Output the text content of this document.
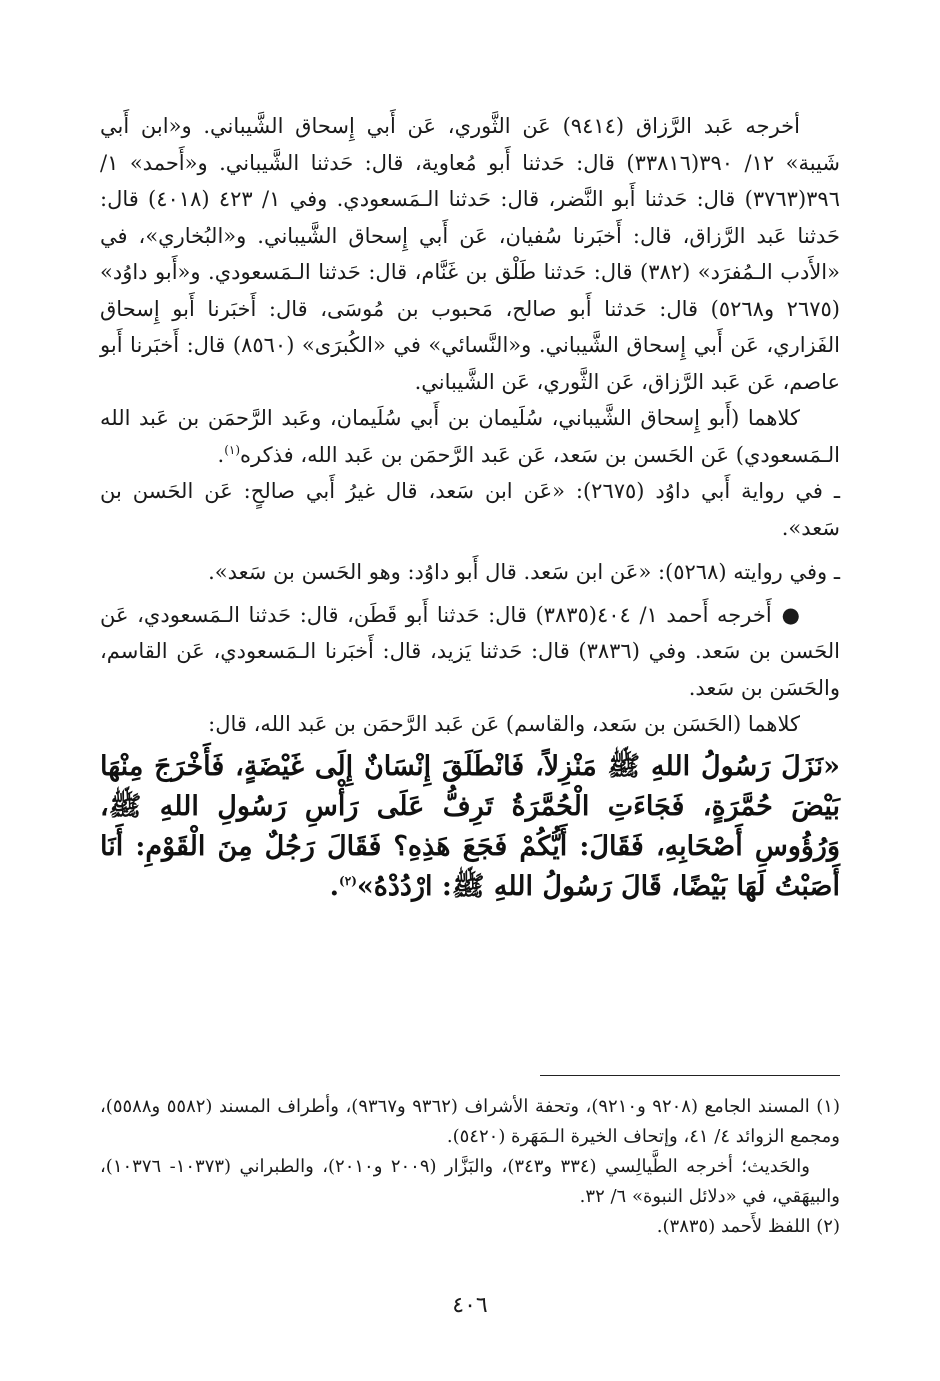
أخرجه عَبد الرَّزاق (٩٤١٤) عَن الثَّوري، عَن أَبي إِسحاق الشَّيباني. و«ابن أَبي شَيبة» ١٢/ ٣٩٠(٣٣٨١٦) قال: حَدثنا أَبو مُعاوية، قال: حَدثنا الشَّيباني. و«أَحمد» ١/ ٣٩٦(٣٧٦٣) قال: حَدثنا أَبو النَّضر، قال: حَدثنا الـمَسعودي. وفي ١/ ٤٢٣ (٤٠١٨) قال: حَدثنا عَبد الرَّزاق، قال: أَخبَرنا سُفيان، عَن أَبي إِسحاق الشَّيباني. و«البُخاري»، في «الأَدب الـمُفرَد» (٣٨٢) قال: حَدثنا طَلْق بن غَنَّام، قال: حَدثنا الـمَسعودي. و«أَبو داوُد» (٢٦٧٥ و٥٢٦٨) قال: حَدثنا أَبو صالح، مَحبوب بن مُوسَى، قال: أَخبَرنا أَبو إِسحاق الفَزاري، عَن أَبي إِسحاق الشَّيباني. و«النَّسائي» في «الكُبرَى» (٨٥٦٠) قال: أَخبَرنا أَبو عاصم، عَن عَبد الرَّزاق، عَن الثَّوري، عَن الشَّيباني.

كلاهما (أَبو إِسحاق الشَّيباني، سُلَيمان بن أَبي سُلَيمان، وعَبد الرَّحمَن بن عَبد الله الـمَسعودي) عَن الحَسن بن سَعد، عَن عَبد الرَّحمَن بن عَبد الله، فذكره$^{(١)}$.

ـ في رواية أَبي داوُد (٢٦٧٥): «عَن ابن سَعد، قال غيرُ أَبي صالحٍ: عَن الحَسن بن سَعد».

ـ وفي روايته (٥٢٦٨): «عَن ابن سَعد. قال أَبو داوُد: وهو الحَسن بن سَعد».

●أَخرجه أَحمد ١/ ٤٠٤(٣٨٣٥) قال: حَدثنا أَبو قَطَن، قال: حَدثنا الـمَسعودي، عَن الحَسن بن سَعد. وفي (٣٨٣٦) قال: حَدثنا يَزيد، قال: أَخبَرنا الـمَسعودي، عَن القاسم، والحَسَن بن سَعد.

كلاهما (الحَسَن بن سَعد، والقاسم) عَن عَبد الرَّحمَن بن عَبد الله، قال:

«نَزَلَ رَسُولُ اللهِ ﷺ مَنْزِلاً، فَانْطَلَقَ إِنْسَانٌ إِلَى غَيْضَةٍ، فَأَخْرَجَ مِنْهَا بَيْضَ حُمَّرَةٍ، فَجَاءَتِ الْحُمَّرَةُ تَرِفُّ عَلَى رَأْسِ رَسُولِ اللهِ ﷺ، وَرُؤُوسِ أَصْحَابِهِ، فَقَالَ: أَيُّكُمْ فَجَعَ هَذِهِ؟ فَقَالَ رَجُلٌ مِنَ الْقَوْمِ: أَنَا أَصَبْتُ لَهَا بَيْضًا، قَالَ رَسُولُ اللهِ ﷺ: ارْدُدْهُ»$^{(٢)}$.

(١) المسند الجامع (٩٢٠٨ و٩٢١٠)، وتحفة الأشراف (٩٣٦٢ و٩٣٦٧)، وأطراف المسند (٥٥٨٢ و٥٥٨٨)، ومجمع الزوائد ٤/ ٤١، وإتحاف الخيرة الـمَهَرة (٥٤٢٠).

والحَديث؛ أخرجه الطَّيالِسي (٣٣٤ و٣٤٣)، والبَزَّار (٢٠٠٩ و٢٠١٠)، والطبراني (١٠٣٧٣- ١٠٣٧٦)، والبيهَقي، في «دلائل النبوة» ٦/ ٣٢.

(٢) اللفظ لأَحمد (٣٨٣٥).

٤٠٦
